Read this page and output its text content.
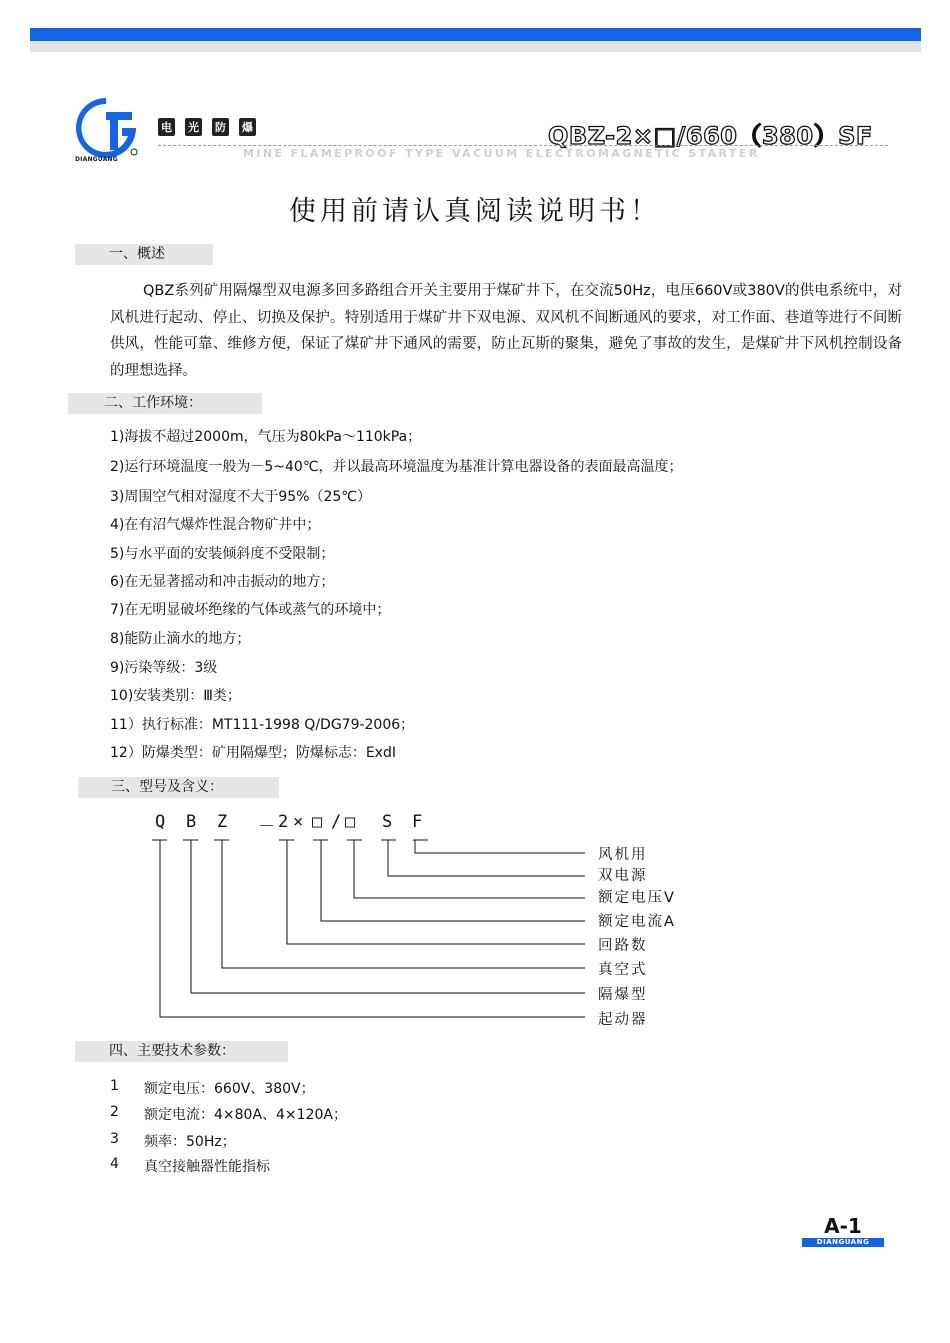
DIANGUANG
电 光 防 爆	QBZ-2×□/660（380）SF
MINE FLAMEPROOF TYPE VACUUM ELECTROMAGNETIC STARTER
使用前请认真阅读说明书！
一、概述
QBZ系列矿用隔爆型双电源多回多路组合开关主要用于煤矿井下，在交流50Hz，电压660V或380V的供电系统中，对风机进行起动、停止、切换及保护。特别适用于煤矿井下双电源、双风机不间断通风的要求，对工作面、巷道等进行不间断供风，性能可靠、维修方便，保证了煤矿井下通风的需要，防止瓦斯的聚集，避免了事故的发生，是煤矿井下风机控制设备的理想选择。
二、工作环境：
1)海拔不超过2000m，气压为80kPa～110kPa；
2)运行环境温度一般为－5~40℃，并以最高环境温度为基准计算电器设备的表面最高温度；
3)周围空气相对湿度不大于95%（25℃）
4)在有沼气爆炸性混合物矿井中；
5)与水平面的安装倾斜度不受限制；
6)在无显著摇动和冲击振动的地方；
7)在无明显破坏绝缘的气体或蒸气的环境中；
8)能防止滴水的地方；
9)污染等级：3级
10)安装类别：Ⅲ类；
11）执行标准：MT111-1998 Q/DG79-2006；
12）防爆类型：矿用隔爆型；防爆标志：ExdI
三、型号及含义：
Q B Z － 2 × □ / □ S F
风机用
双电源
额定电压V
额定电流A
回路数
真空式
隔爆型
起动器
四、主要技术参数：
1 额定电压：660V、380V；
2 额定电流：4×80A、4×120A；
3 频率：50Hz；
4 真空接触器性能指标
A-1
DIANGUANG
